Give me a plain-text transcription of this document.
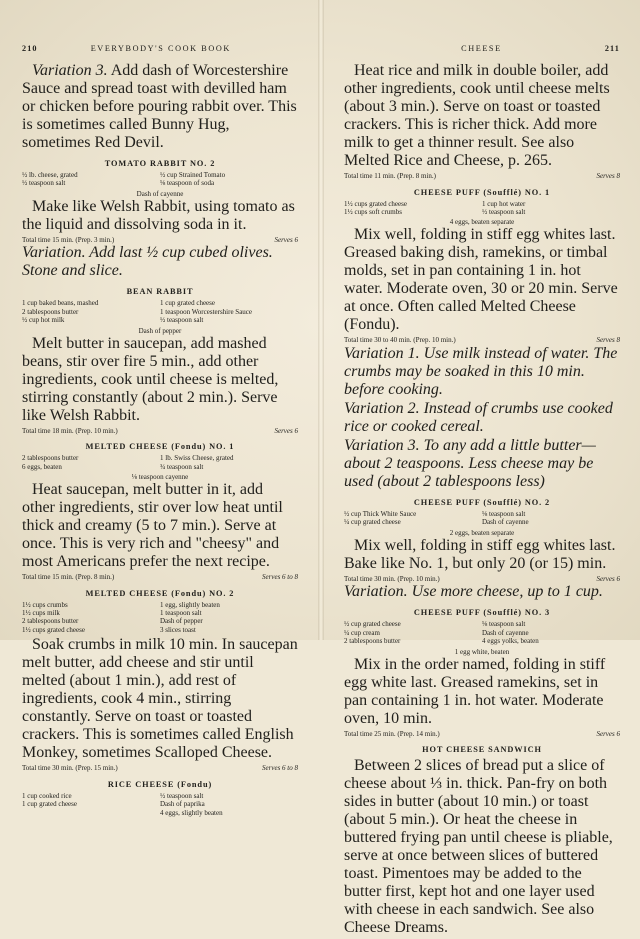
210	EVERYBODY'S COOK BOOK	CHEESE	211

Variation 3. Add dash of Worcestershire Sauce and spread toast with devilled ham or chicken before pouring rabbit over. This is sometimes called Bunny Hug, sometimes Red Devil.

TOMATO RABBIT NO. 2
½ lb. cheese, grated
½ teaspoon salt
½ cup Strained Tomato
⅛ teaspoon of soda
Dash of cayenne

Make like Welsh Rabbit, using tomato as the liquid and dissolving soda in it.

Total time 15 min. (Prep. 3 min.)	Serves 6

Variation. Add last ½ cup cubed olives. Stone and slice.

BEAN RABBIT
1 cup baked beans, mashed
2 tablespoons butter
½ cup hot milk
1 cup grated cheese
1 teaspoon Worcestershire Sauce
½ teaspoon salt
Dash of pepper

Melt butter in saucepan, add mashed beans, stir over fire 5 min., add other ingredients, cook until cheese is melted, stirring constantly (about 2 min.). Serve like Welsh Rabbit.

Total time 18 min. (Prep. 10 min.)	Serves 6
MELTED CHEESE (Fondu) NO. 1
2 tablespoons butter
6 eggs, beaten
1 lb. Swiss Cheese, grated
¾ teaspoon salt
⅛ teaspoon cayenne

Heat saucepan, melt butter in it, add other ingredients, stir over low heat until thick and creamy (5 to 7 min.). Serve at once. This is very rich and "cheesy" and most Americans prefer the next recipe.

Total time 15 min. (Prep. 8 min.)	Serves 6 to 8
MELTED CHEESE (Fondu) NO. 2
1½ cups crumbs
1½ cups milk
2 tablespoons butter
1½ cups grated cheese
1 egg, slightly beaten
1 teaspoon salt
Dash of pepper
3 slices toast

Soak crumbs in milk 10 min. In saucepan melt butter, add cheese and stir until melted (about 1 min.), add rest of ingredients, cook 4 min., stirring constantly. Serve on toast or toasted crackers. This is sometimes called English Monkey, sometimes Scalloped Cheese.

Total time 30 min. (Prep. 15 min.)	Serves 6 to 8
RICE CHEESE (Fondu)
1 cup cooked rice
1 cup grated cheese
½ teaspoon salt
Dash of paprika
4 eggs, slightly beaten

Heat rice and milk in double boiler, add other ingredients, cook until cheese melts (about 3 min.). Serve on toast or toasted crackers. This is richer thick. Add more milk to get a thinner result. See also Melted Rice and Cheese, p. 265.

Total time 11 min. (Prep. 8 min.)	Serves 8
CHEESE PUFF (Soufflé) NO. 1
1½ cups grated cheese
1½ cups soft crumbs
1 cup hot water
½ teaspoon salt
4 eggs, beaten separate

Mix well, folding in stiff egg whites last. Greased baking dish, ramekins, or timbal molds, set in pan containing 1 in. hot water. Moderate oven, 30 or 20 min. Serve at once. Often called Melted Cheese (Fondu).

Total time 30 to 40 min. (Prep. 10 min.)	Serves 8

Variation 1. Use milk instead of water. The crumbs may be soaked in this 10 min. before cooking.

Variation 2. Instead of crumbs use cooked rice or cooked cereal.

Variation 3. To any add a little butter—about 2 teaspoons. Less cheese may be used (about 2 tablespoons less)

CHEESE PUFF (Soufflé) NO. 2
½ cup Thick White Sauce
¼ cup grated cheese
⅛ teaspoon salt
Dash of cayenne
2 eggs, beaten separate

Mix well, folding in stiff egg whites last. Bake like No. 1, but only 20 (or 15) min.

Total time 30 min. (Prep. 10 min.)	Serves 6

Variation. Use more cheese, up to 1 cup.

CHEESE PUFF (Soufflé) NO. 3
½ cup grated cheese
¼ cup cream
2 tablespoons butter
⅛ teaspoon salt
Dash of cayenne
4 eggs yolks, beaten
1 egg white, beaten

Mix in the order named, folding in stiff egg white last. Greased ramekins, set in pan containing 1 in. hot water. Moderate oven, 10 min.

Total time 25 min. (Prep. 14 min.)	Serves 6
HOT CHEESE SANDWICH

Between 2 slices of bread put a slice of cheese about ⅓ in. thick. Pan-fry on both sides in butter (about 10 min.) or toast (about 5 min.). Or heat the cheese in buttered frying pan until cheese is pliable, serve at once between slices of buttered toast. Pimentoes may be added to the butter first, kept hot and one layer used with cheese in each sandwich. See also Cheese Dreams.
